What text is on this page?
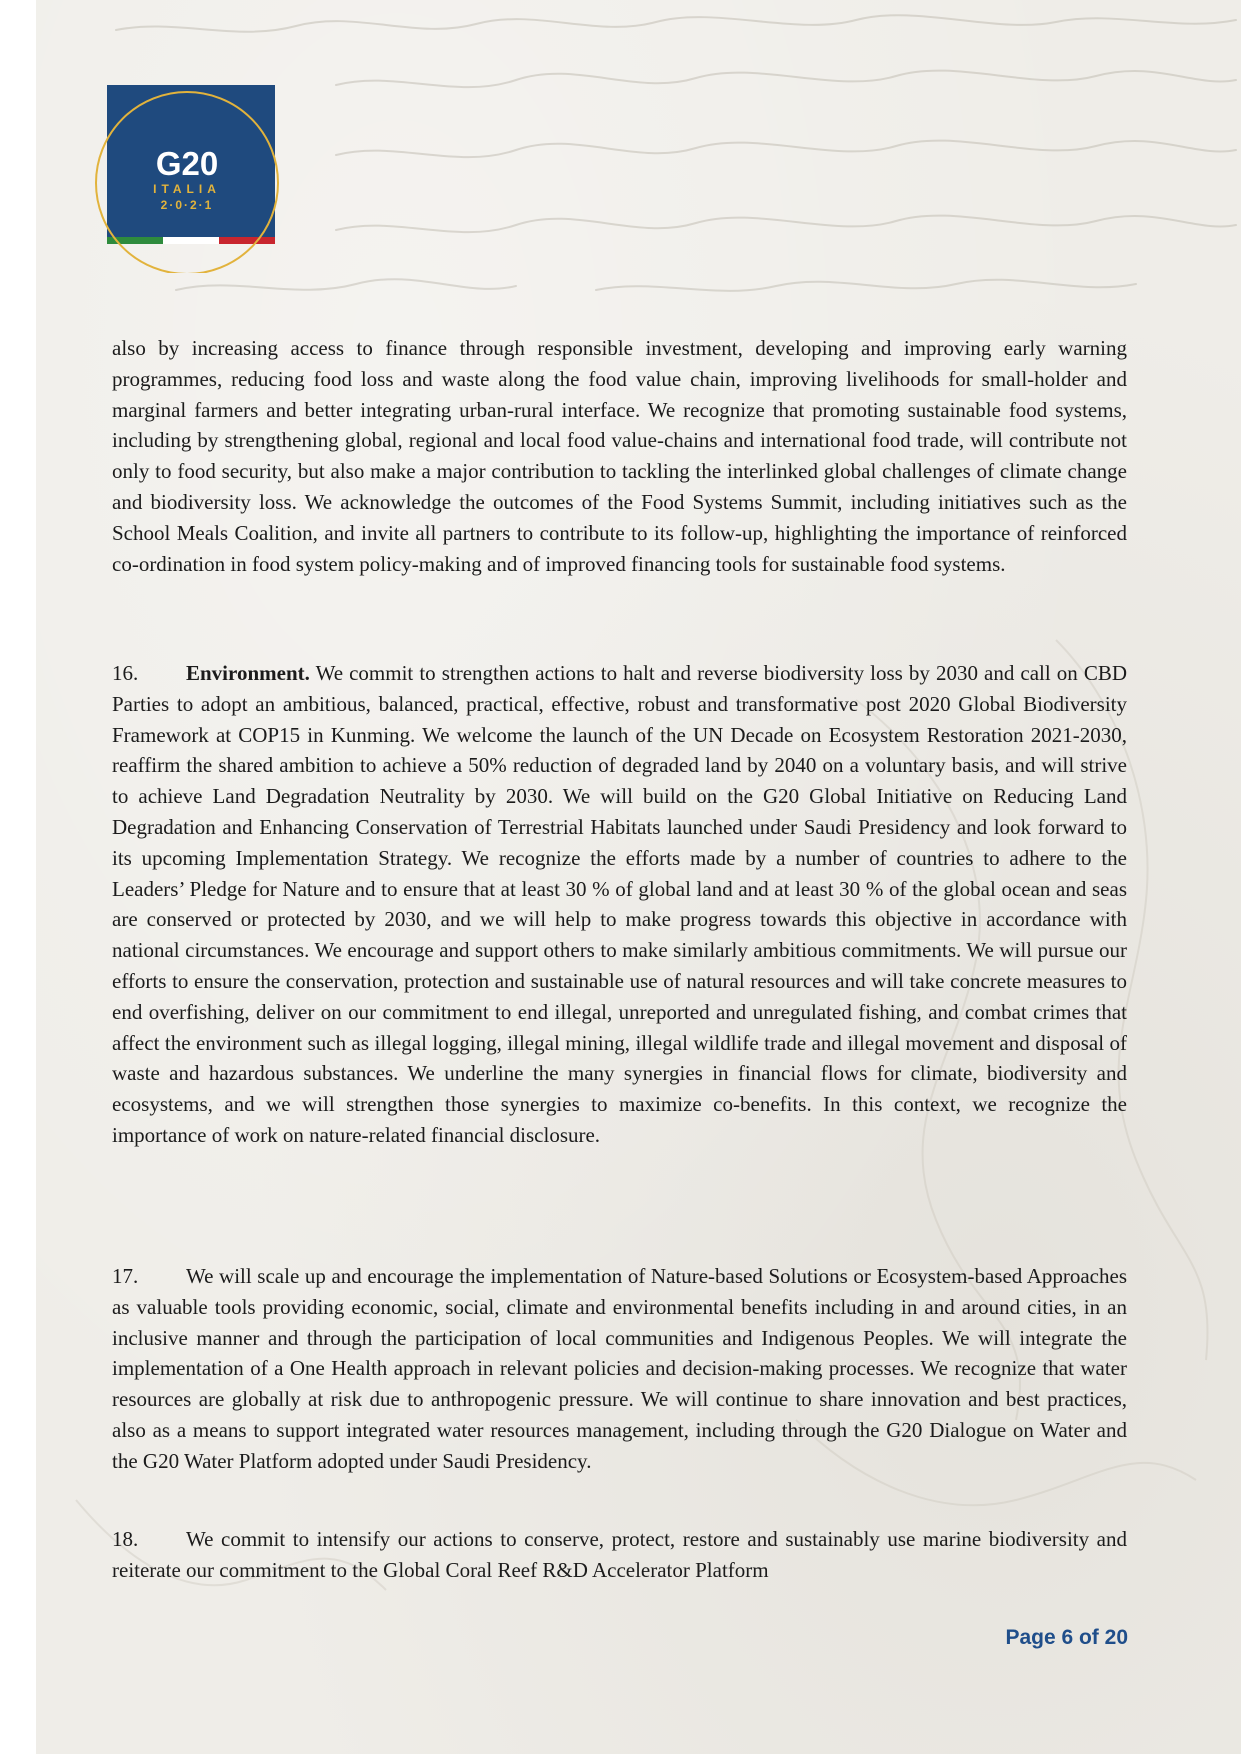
G20
ITALIA
2·0·2·1

also by increasing access to finance through responsible investment, developing and improving early warning programmes, reducing food loss and waste along the food value chain, improving livelihoods for small-holder and marginal farmers and better integrating urban-rural interface. We recognize that promoting sustainable food systems, including by strengthening global, regional and local food value-chains and international food trade, will contribute not only to food security, but also make a major contribution to tackling the interlinked global challenges of climate change and biodiversity loss. We acknowledge the outcomes of the Food Systems Summit, including initiatives such as the School Meals Coalition, and invite all partners to contribute to its follow-up, highlighting the importance of reinforced co-ordination in food system policy-making and of improved financing tools for sustainable food systems.

16. Environment. We commit to strengthen actions to halt and reverse biodiversity loss by 2030 and call on CBD Parties to adopt an ambitious, balanced, practical, effective, robust and transformative post 2020 Global Biodiversity Framework at COP15 in Kunming. We welcome the launch of the UN Decade on Ecosystem Restoration 2021-2030, reaffirm the shared ambition to achieve a 50% reduction of degraded land by 2040 on a voluntary basis, and will strive to achieve Land Degradation Neutrality by 2030. We will build on the G20 Global Initiative on Reducing Land Degradation and Enhancing Conservation of Terrestrial Habitats launched under Saudi Presidency and look forward to its upcoming Implementation Strategy. We recognize the efforts made by a number of countries to adhere to the Leaders’ Pledge for Nature and to ensure that at least 30 % of global land and at least 30 % of the global ocean and seas are conserved or protected by 2030, and we will help to make progress towards this objective in accordance with national circumstances. We encourage and support others to make similarly ambitious commitments. We will pursue our efforts to ensure the conservation, protection and sustainable use of natural resources and will take concrete measures to end overfishing, deliver on our commitment to end illegal, unreported and unregulated fishing, and combat crimes that affect the environment such as illegal logging, illegal mining, illegal wildlife trade and illegal movement and disposal of waste and hazardous substances. We underline the many synergies in financial flows for climate, biodiversity and ecosystems, and we will strengthen those synergies to maximize co-benefits. In this context, we recognize the importance of work on nature-related financial disclosure.

17. We will scale up and encourage the implementation of Nature-based Solutions or Ecosystem-based Approaches as valuable tools providing economic, social, climate and environmental benefits including in and around cities, in an inclusive manner and through the participation of local communities and Indigenous Peoples. We will integrate the implementation of a One Health approach in relevant policies and decision-making processes. We recognize that water resources are globally at risk due to anthropogenic pressure. We will continue to share innovation and best practices, also as a means to support integrated water resources management, including through the G20 Dialogue on Water and the G20 Water Platform adopted under Saudi Presidency.

18. We commit to intensify our actions to conserve, protect, restore and sustainably use marine biodiversity and reiterate our commitment to the Global Coral Reef R&D Accelerator Platform

Page 6 of 20
